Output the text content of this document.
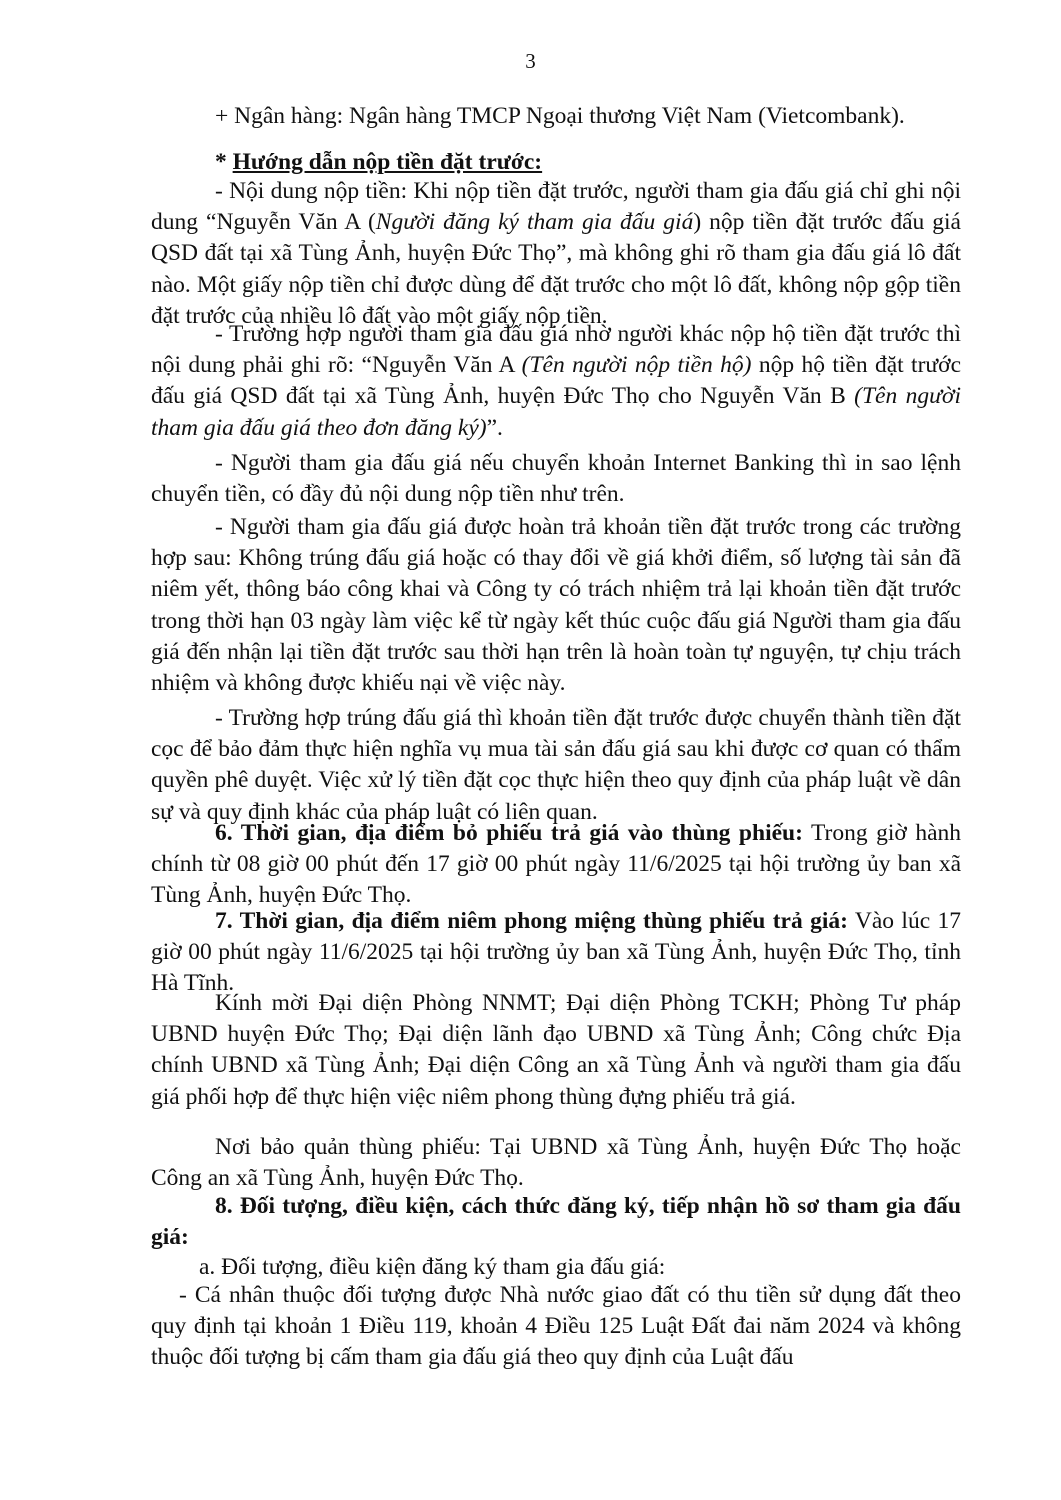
3

+ Ngân hàng: Ngân hàng TMCP Ngoại thương Việt Nam (Vietcombank).

* Hướng dẫn nộp tiền đặt trước:

- Nội dung nộp tiền: Khi nộp tiền đặt trước, người tham gia đấu giá chỉ ghi nội dung “Nguyễn Văn A (Người đăng ký tham gia đấu giá) nộp tiền đặt trước đấu giá QSD đất tại xã Tùng Ảnh, huyện Đức Thọ”, mà không ghi rõ tham gia đấu giá lô đất nào. Một giấy nộp tiền chỉ được dùng để đặt trước cho một lô đất, không nộp gộp tiền đặt trước của nhiều lô đất vào một giấy nộp tiền.

- Trường hợp người tham gia đấu giá nhờ người khác nộp hộ tiền đặt trước thì nội dung phải ghi rõ: “Nguyễn Văn A (Tên người nộp tiền hộ) nộp hộ tiền đặt trước đấu giá QSD đất tại xã Tùng Ảnh, huyện Đức Thọ cho Nguyễn Văn B (Tên người tham gia đấu giá theo đơn đăng ký)”.

- Người tham gia đấu giá nếu chuyển khoản Internet Banking thì in sao lệnh chuyển tiền, có đầy đủ nội dung nộp tiền như trên.

- Người tham gia đấu giá được hoàn trả khoản tiền đặt trước trong các trường hợp sau: Không trúng đấu giá hoặc có thay đổi về giá khởi điểm, số lượng tài sản đã niêm yết, thông báo công khai và Công ty có trách nhiệm trả lại khoản tiền đặt trước trong thời hạn 03 ngày làm việc kể từ ngày kết thúc cuộc đấu giá Người tham gia đấu giá đến nhận lại tiền đặt trước sau thời hạn trên là hoàn toàn tự nguyện, tự chịu trách nhiệm và không được khiếu nại về việc này.

- Trường hợp trúng đấu giá thì khoản tiền đặt trước được chuyển thành tiền đặt cọc để bảo đảm thực hiện nghĩa vụ mua tài sản đấu giá sau khi được cơ quan có thẩm quyền phê duyệt. Việc xử lý tiền đặt cọc thực hiện theo quy định của pháp luật về dân sự và quy định khác của pháp luật có liên quan.

6. Thời gian, địa điểm bỏ phiếu trả giá vào thùng phiếu: Trong giờ hành chính từ 08 giờ 00 phút đến 17 giờ 00 phút ngày 11/6/2025 tại hội trường ủy ban xã Tùng Ảnh, huyện Đức Thọ.

7. Thời gian, địa điểm niêm phong miệng thùng phiếu trả giá: Vào lúc 17 giờ 00 phút ngày 11/6/2025 tại hội trường ủy ban xã Tùng Ảnh, huyện Đức Thọ, tỉnh Hà Tĩnh.

Kính mời Đại diện Phòng NNMT; Đại diện Phòng TCKH; Phòng Tư pháp UBND huyện Đức Thọ; Đại diện lãnh đạo UBND xã Tùng Ảnh; Công chức Địa chính UBND xã Tùng Ảnh; Đại diện Công an xã Tùng Ảnh và người tham gia đấu giá phối hợp để thực hiện việc niêm phong thùng đựng phiếu trả giá.

Nơi bảo quản thùng phiếu: Tại UBND xã Tùng Ảnh, huyện Đức Thọ hoặc Công an xã Tùng Ảnh, huyện Đức Thọ.

8. Đối tượng, điều kiện, cách thức đăng ký, tiếp nhận hồ sơ tham gia đấu giá:

a. Đối tượng, điều kiện đăng ký tham gia đấu giá:

- Cá nhân thuộc đối tượng được Nhà nước giao đất có thu tiền sử dụng đất theo quy định tại khoản 1 Điều 119, khoản 4 Điều 125 Luật Đất đai năm 2024 và không thuộc đối tượng bị cấm tham gia đấu giá theo quy định của Luật đấu
